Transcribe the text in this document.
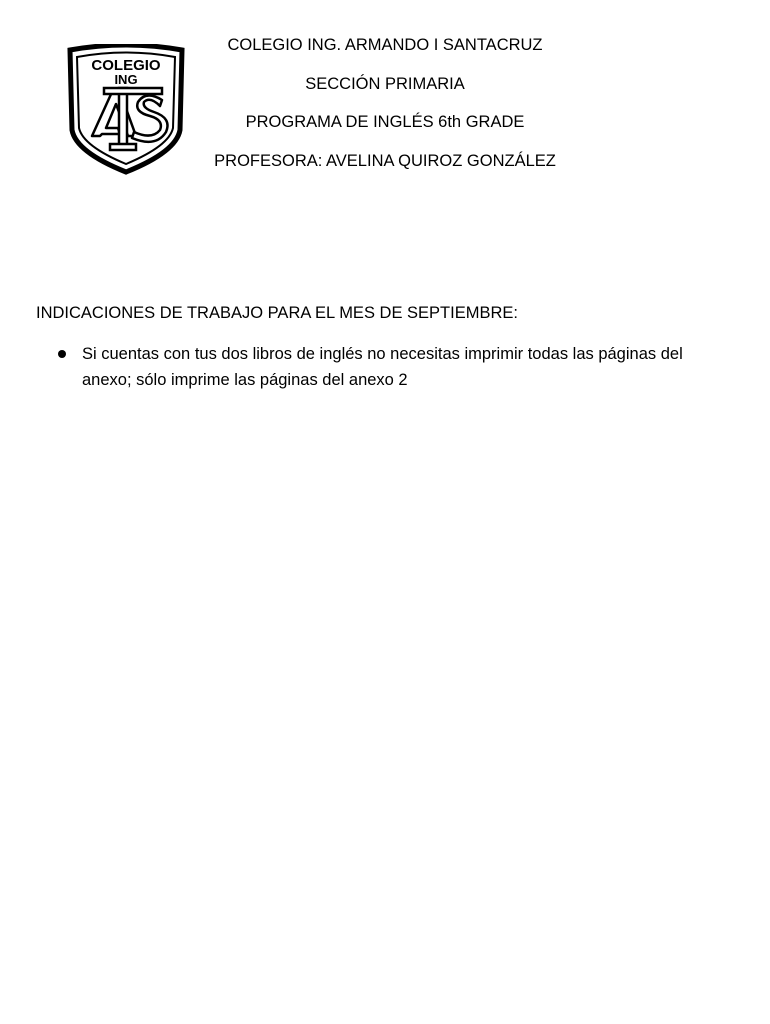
COLEGIO
ING
COLEGIO ING. ARMANDO I SANTACRUZ
SECCIÓN PRIMARIA
PROGRAMA DE INGLÉS 6th GRADE
PROFESORA: AVELINA QUIROZ GONZÁLEZ
INDICACIONES DE TRABAJO PARA EL MES DE SEPTIEMBRE:
Si cuentas con tus dos libros de inglés no necesitas imprimir todas las páginas del anexo; sólo imprime las páginas del anexo 2
